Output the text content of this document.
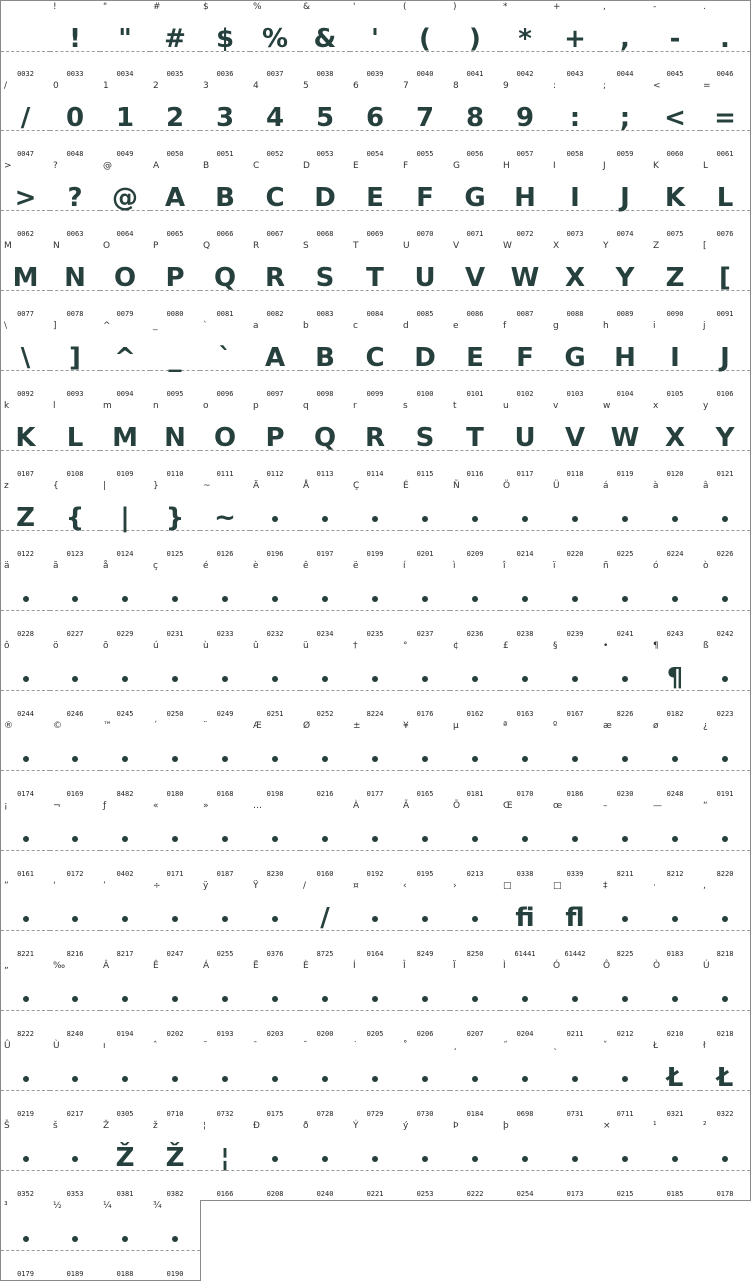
0032
!
!
0033
"
"
0034
#
#
0035
$
$
0036
%
%
0037
&
&
0038
'
'
0039
(
(
0040
)
)
0041
*
*
0042
+
+
0043
,
,
0044
-
-
0045
.
.
0046
/
/
0047
0
0
0048
1
1
0049
2
2
0050
3
3
0051
4
4
0052
5
5
0053
6
6
0054
7
7
0055
8
8
0056
9
9
0057
:
:
0058
;
;
0059
<
<
0060
=
=
0061
>
>
0062
?
?
0063
@
@
0064
A
A
0065
B
B
0066
C
C
0067
D
D
0068
E
E
0069
F
F
0070
G
G
0071
H
H
0072
I
I
0073
J
J
0074
K
K
0075
L
L
0076
M
M
0077
N
N
0078
O
O
0079
P
P
0080
Q
Q
0081
R
R
0082
S
S
0083
T
T
0084
U
U
0085
V
V
0086
W
W
0087
X
X
0088
Y
Y
0089
Z
Z
0090
[
[
0091
\
\
0092
]
]
0093
^
^
0094
_
_
0095
`
`
0096
a
A
0097
b
B
0098
c
C
0099
d
D
0100
e
E
0101
f
F
0102
g
G
0103
h
H
0104
i
I
0105
j
J
0106
k
K
0107
l
L
0108
m
M
0109
n
N
0110
o
O
0111
p
P
0112
q
Q
0113
r
R
0114
s
S
0115
t
T
0116
u
U
0117
v
V
0118
w
W
0119
x
X
0120
y
Y
0121
z
Z
0122
{
{
0123
|
|
0124
}
}
0125
~
~
0126
Ä
0196
Å
0197
Ç
0199
É
0201
Ñ
0209
Ö
0214
Ü
0220
á
0225
à
0224
â
0226
ä
0228
ã
0227
å
0229
ç
0231
é
0233
è
0232
ê
0234
ë
0235
í
0237
ì
0236
î
0238
ï
0239
ñ
0241
ó
0243
ò
0242
ô
0244
ö
0246
õ
0245
ú
0250
ù
0249
û
0251
ü
0252
†
8224
°
0176
¢
0162
£
0163
§
0167
•
8226
¶
¶
0182
ß
0223
®
0174
©
0169
™
8482
´
0180
¨
0168
Æ
0198
Ø
0216
±
0177
¥
0165
µ
0181
ª
0170
º
0186
æ
0230
ø
0248
¿
0191
¡
0161
¬
0172
ƒ
0402
«
0171
»
0187
…
8230	0160
À
0192
Ã
0195
Õ
0213
Œ
0338
œ
0339
–
8211
—
8212
“
8220
”
8221
‘
8216
’
8217
÷
0247
ÿ
0255
Ÿ
0376
/
/
8725
¤
0164
‹
8249
›
8250
□
fi
61441
□
fl
61442
‡
8225
·
0183
‚
8218
„
8222
‰
8240
Â
0194
Ê
0202
Á
0193
Ë
0203
È
0200
Í
0205
Î
0206
Ï
0207
Ì
0204
Ó
0211
Ô
0212
Ò
0210
Ú
0218
Û
0219
Ù
0217
ı
0305
ˆ
0710
˜
0732
¯
0175
˘
0728
˙
0729
˚
0730
¸
0184
˝
0698
˛
0731
ˇ
0711
Ł
Ł
0321
ł
Ł
0322
Š
0352
š
0353
Ž
Ž
0381
ž
Ž
0382
¦
¦
0166
Ð
0208
ð
0240
Ý
0221
ý
0253
Þ
0222
þ
0254	0173
×
0215
¹
0185
²
0178
³
0179
½
0189
¼
0188
¾
0190
